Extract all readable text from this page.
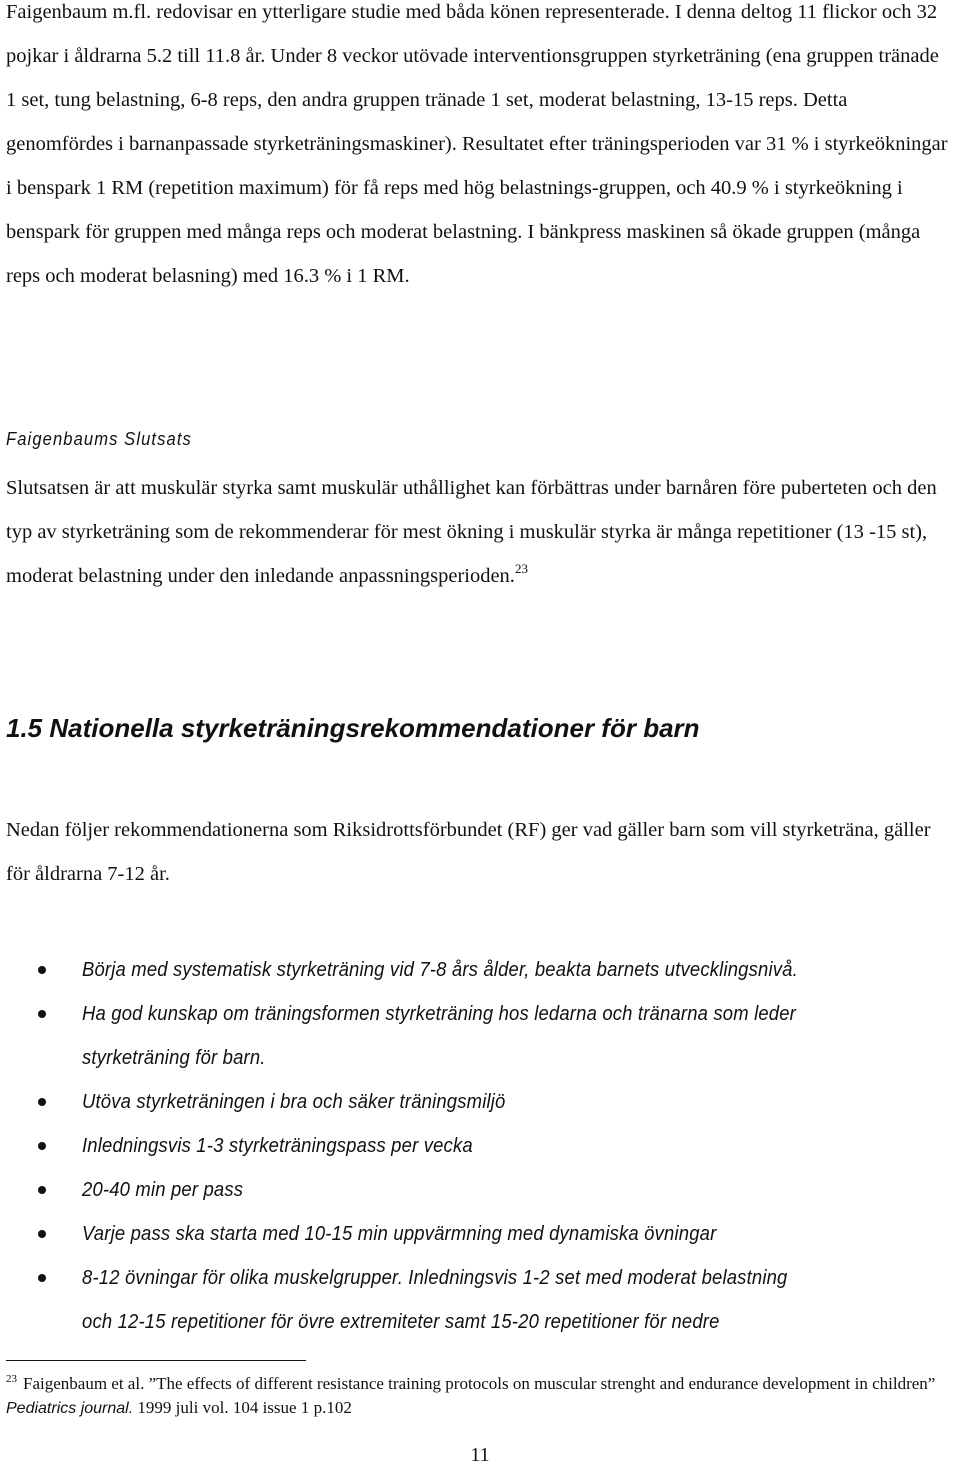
Faigenbaum m.fl. redovisar en ytterligare studie med båda könen representerade. I denna deltog 11 flickor och 32 pojkar i åldrarna 5.2 till 11.8 år. Under 8 veckor utövade interventionsgruppen styrketräning (ena gruppen tränade 1 set, tung belastning, 6-8 reps, den andra gruppen tränade 1 set, moderat belastning, 13-15 reps. Detta genomfördes i barnanpassade styrketräningsmaskiner). Resultatet efter träningsperioden var 31 % i styrkeökningar i benspark 1 RM (repetition maximum) för få reps med hög belastnings-gruppen, och 40.9 % i styrkeökning i benspark för gruppen med många reps och moderat belastning. I bänkpress maskinen så ökade gruppen (många reps och moderat belasning) med 16.3 % i 1 RM.

Faigenbaums Slutsats

Slutsatsen är att muskulär styrka samt muskulär uthållighet kan förbättras under barnåren före puberteten och den typ av styrketräning som de rekommenderar för mest ökning i muskulär styrka är många repetitioner (13 -15 st), moderat belastning under den inledande anpassningsperioden.$^{23}$

1.5 Nationella styrketräningsrekommendationer för barn

Nedan följer rekommendationerna som Riksidrottsförbundet (RF) ger vad gäller barn som vill styrketräna, gäller för åldrarna 7-12 år.

Börja med systematisk styrketräning vid 7-8 års ålder, beakta barnets utvecklingsnivå.
Ha god kunskap om träningsformen styrketräning hos ledarna och tränarna som leder
styrketräning för barn.
Utöva styrketräningen i bra och säker träningsmiljö
Inledningsvis 1-3 styrketräningspass per vecka
20-40 min per pass
Varje pass ska starta med 10-15 min uppvärmning med dynamiska övningar
8-12 övningar för olika muskelgrupper. Inledningsvis 1-2 set med moderat belastning
och 12-15 repetitioner för övre extremiteter samt 15-20 repetitioner för nedre

$^{23}$ Faigenbaum et al. ”The effects of different resistance training protocols on muscular strenght and endurance development in children” Pediatrics journal. 1999 juli vol. 104 issue 1 p.102

11
